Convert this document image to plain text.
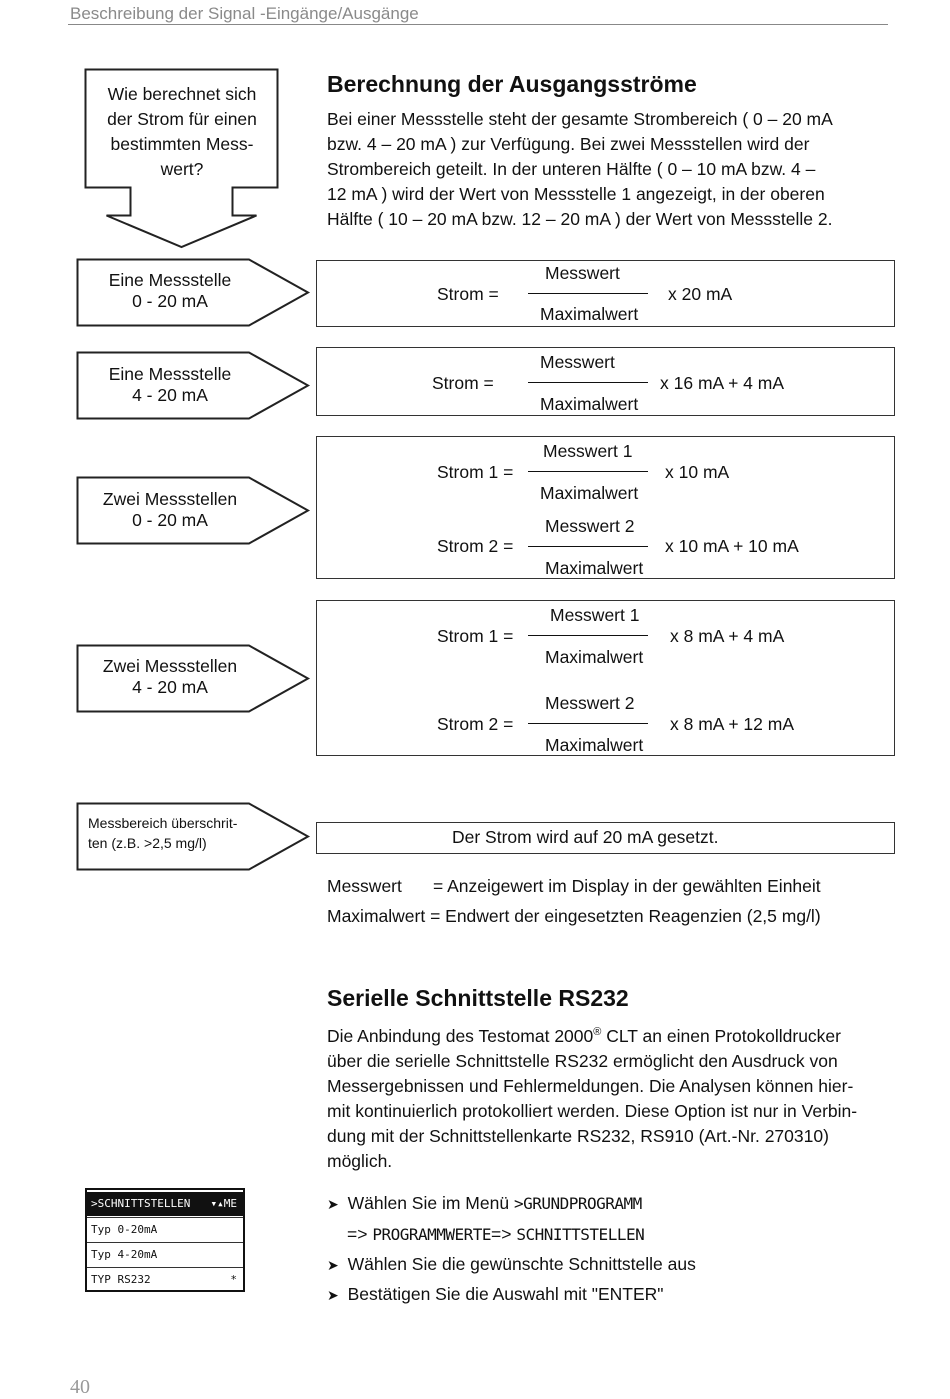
Beschreibung der Signal -Eingänge/Ausgänge
Wie berechnet sich
der Strom für einen
bestimmten Mess-
wert?
Berechnung der Ausgangsströme
Bei einer Messstelle steht der gesamte Strombereich ( 0 – 20 mA
bzw. 4 – 20 mA ) zur Verfügung. Bei zwei Messstellen wird der
Strombereich geteilt. In der unteren Hälfte ( 0 – 10 mA bzw. 4 –
12 mA ) wird der Wert von Messstelle 1 angezeigt, in der oberen
Hälfte ( 10 – 20 mA bzw. 12 – 20 mA ) der Wert von Messstelle 2.
Eine Messstelle
0 - 20 mA
Eine Messstelle
4 - 20 mA
Zwei Messstellen
0 - 20 mA
Zwei Messstellen
4 - 20 mA
Messbereich überschrit-
ten (z.B. >2,5 mg/l)
Strom =
Messwert
Maximalwert
x 20 mA
Strom =
Messwert
Maximalwert
x 16 mA + 4 mA
Strom 1 =
Messwert 1
Maximalwert
x 10 mA
Strom 2 =
Messwert 2
Maximalwert
x 10 mA + 10 mA
Strom 1 =
Messwert 1
Maximalwert
x 8 mA + 4 mA
Strom 2 =
Messwert 2
Maximalwert
x 8 mA + 12 mA
Der Strom wird auf 20 mA gesetzt.
Messwert = Anzeigewert im Display in der gewählten Einheit
Maximalwert = Endwert der eingesetzten Reagenzien (2,5 mg/l)
Serielle Schnittstelle RS232
Die Anbindung des Testomat 2000® CLT an einen Protokolldrucker
über die serielle Schnittstelle RS232 ermöglicht den Ausdruck von
Messergebnissen und Fehlermeldungen. Die Analysen können hier-
mit kontinuierlich protokolliert werden. Diese Option ist nur in Verbin-
dung mit der Schnittstellenkarte RS232, RS910 (Art.-Nr. 270310)
möglich.
>SCHNITTSTELLEN ▾▴ME
Typ 0-20mA
Typ 4-20mA
TYP RS232	*
➤ Wählen Sie im Menü >GRUNDPROGRAMM
=> PROGRAMMWERTE=> SCHNITTSTELLEN
➤ Wählen Sie die gewünschte Schnittstelle aus
➤ Bestätigen Sie die Auswahl mit "ENTER"
40
